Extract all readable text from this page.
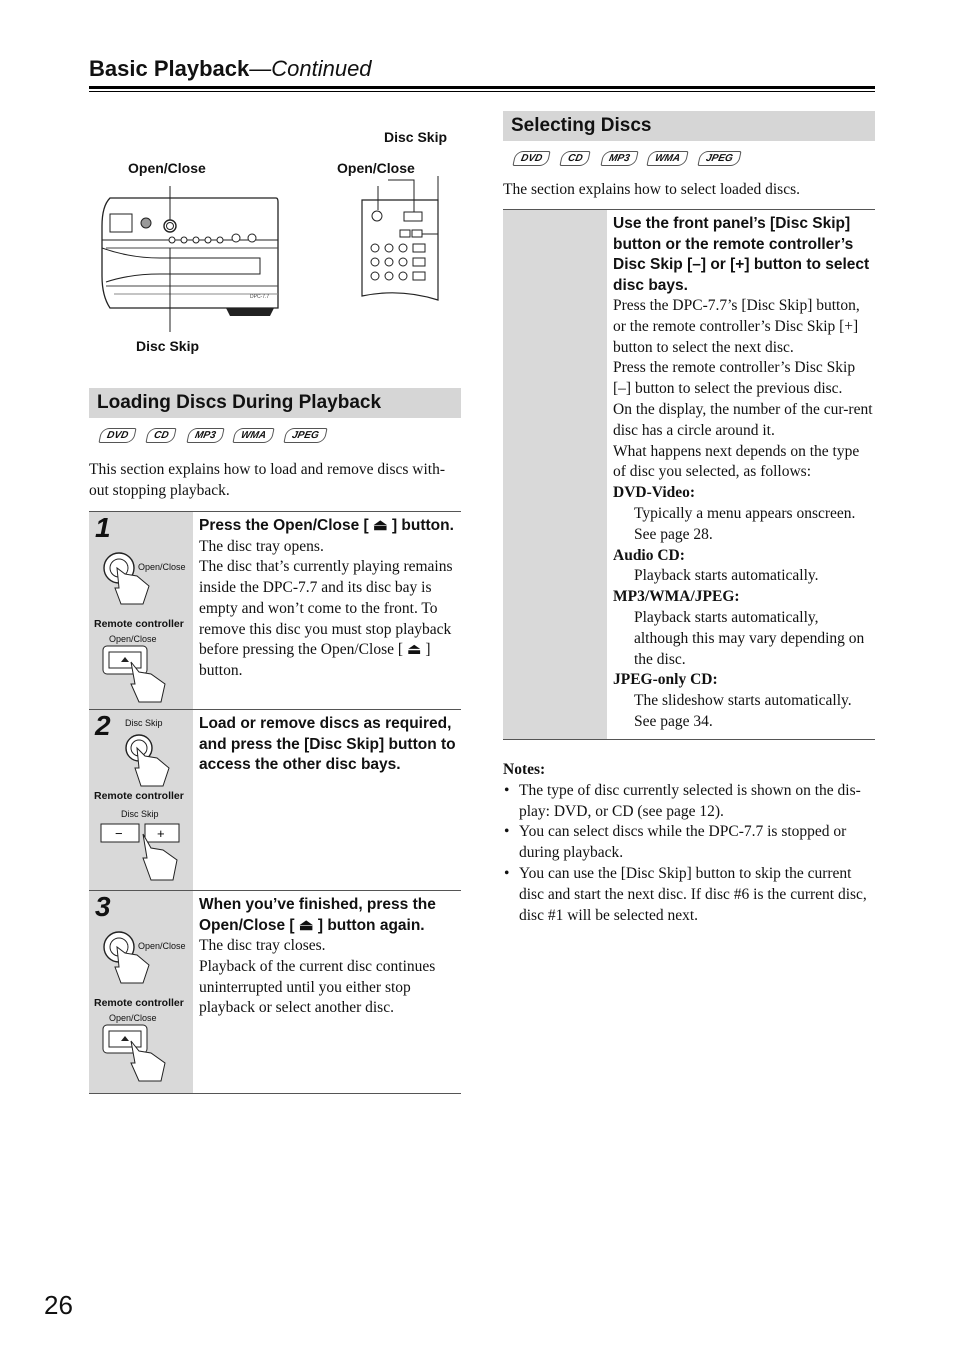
Basic Playback—Continued
Disc Skip
Open/Close	Open/Close
Disc Skip
DPC-7.7
Loading Discs During Playback
DVD	CD	MP3	WMA	JPEG
This section explains how to load and remove discs with-out stopping playback.
1
Open/Close
Remote controller
Open/Close
Press the Open/Close [ ⏏ ] button.
The disc tray opens.
The disc that’s currently playing remains inside the DPC-7.7 and its disc bay is empty and won’t come to the front. To remove this disc you must stop playback before pressing the Open/Close [ ⏏ ] button.
2 Disc Skip
Remote controller
Disc Skip
−	+
Load or remove discs as required, and press the [Disc Skip] button to access the other disc bays.
3
Open/Close
Remote controller
Open/Close
When you’ve finished, press the Open/Close [ ⏏ ] button again.
The disc tray closes.
Playback of the current disc continues uninterrupted until you either stop playback or select another disc.
Selecting Discs
DVD	CD	MP3	WMA	JPEG
The section explains how to select loaded discs.
Use the front panel’s [Disc Skip] button or the remote controller’s Disc Skip [–] or [+] button to select disc bays.
Press the DPC-7.7’s [Disc Skip] button, or the remote controller’s Disc Skip [+] button to select the next disc.
Press the remote controller’s Disc Skip [–] button to select the previous disc.
On the display, the number of the cur-rent disc has a circle around it.
What happens next depends on the type of disc you selected, as follows:
DVD-Video:
Typically a menu appears onscreen. See page 28.
Audio CD:
Playback starts automatically.
MP3/WMA/JPEG:
Playback starts automatically, although this may vary depending on the disc.
JPEG-only CD:
The slideshow starts automatically. See page 34.
Notes:
• The type of disc currently selected is shown on the dis-play: DVD, or CD (see page 12).
• You can select discs while the DPC-7.7 is stopped or during playback.
• You can use the [Disc Skip] button to skip the current disc and start the next disc. If disc #6 is the current disc, disc #1 will be selected next.
26
